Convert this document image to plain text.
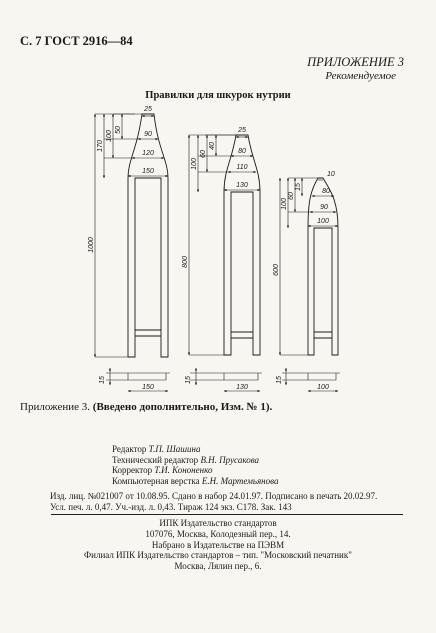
С. 7 ГОСТ 2916—84
ПРИЛОЖЕНИЕ 3
Рекомендуемое
Правилки для шкурок нутрии
25
90
120
150
50
100
170
1000
15
150
25
80
110
130
40
60
100
800
15
130
10
80
90
100
15
60
100
600
15
100
Приложение 3. (Введено дополнительно, Изм. № 1).
Редактор Т.П. Шашина
Технический редактор В.Н. Прусакова
Корректор Т.И. Кононенко
Компьютерная верстка Е.Н. Мартемьянова
Изд. лиц. №021007 от 10.08.95. Сдано в набор 24.01.97. Подписано в печать 20.02.97.
Усл. печ. л. 0,47. Уч.-изд. л. 0,43. Тираж 124 экз. С178. Зак. 143
ИПК Издательство стандартов
107076, Москва, Колодезный пер., 14.
Набрано в Издательстве на ПЭВМ
Филиал ИПК Издательство стандартов – тип. "Московский печатник"
Москва, Лялин пер., 6.
